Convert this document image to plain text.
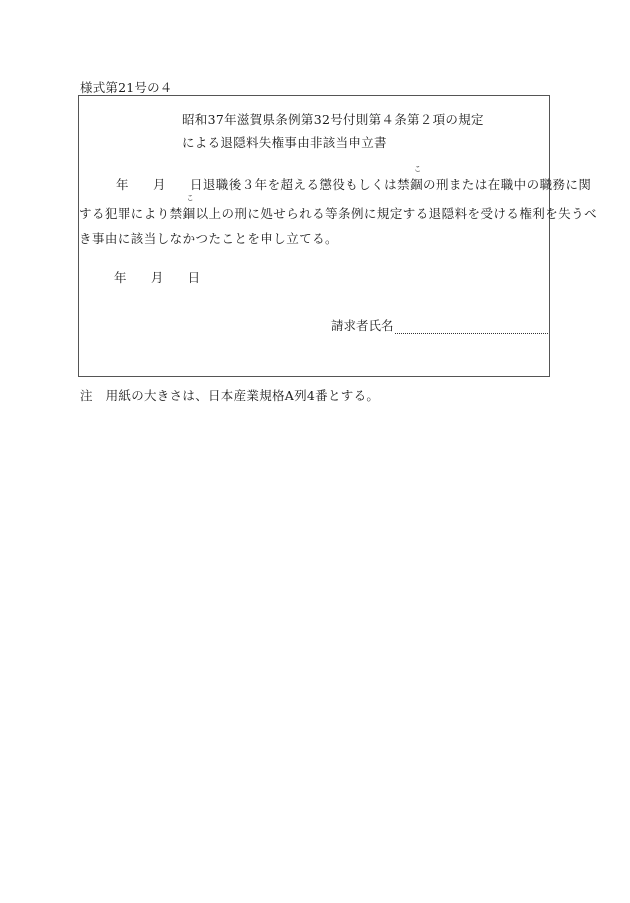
様式第21号の４
昭和37年滋賀県条例第32号付則第４条第２項の規定
による退隠料失権事由非該当申立書
年 月 日退職後３年を超える懲役もしくは禁錮
こ
の刑または在職中の職務に関
する犯罪により禁錮
こ
以上の刑に処せられる等条例に規定する退隠料を受ける権利を失うべ
き事由に該当しなかつたことを申し立てる。
年 月 日
請求者氏名
注　用紙の大きさは、日本産業規格A列4番とする。
